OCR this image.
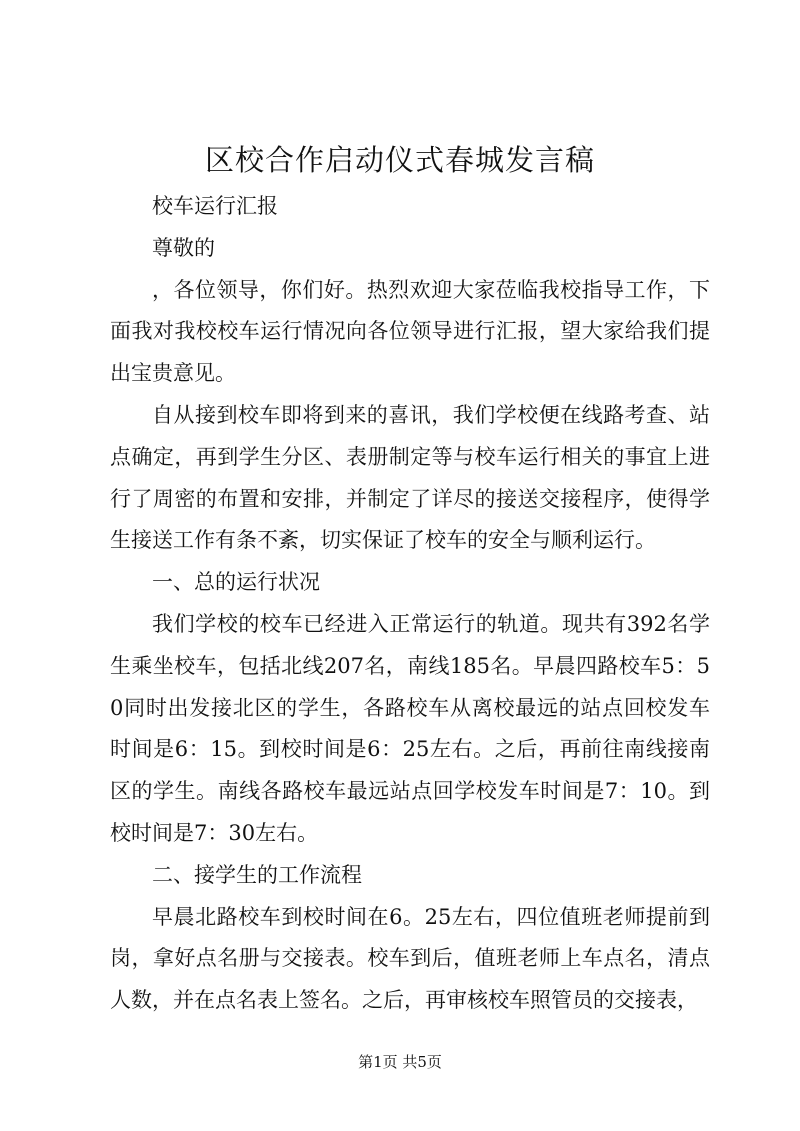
区校合作启动仪式春城发言稿

校车运行汇报

尊敬的

，各位领导，你们好。热烈欢迎大家莅临我校指导工作，下面我对我校校车运行情况向各位领导进行汇报，望大家给我们提出宝贵意见。

自从接到校车即将到来的喜讯，我们学校便在线路考查、站点确定，再到学生分区、表册制定等与校车运行相关的事宜上进行了周密的布置和安排，并制定了详尽的接送交接程序，使得学生接送工作有条不紊，切实保证了校车的安全与顺利运行。

一、总的运行状况

我们学校的校车已经进入正常运行的轨道。现共有392名学生乘坐校车，包括北线207名，南线185名。早晨四路校车5：50同时出发接北区的学生，各路校车从离校最远的站点回校发车时间是6：15。到校时间是6：25左右。之后，再前往南线接南区的学生。南线各路校车最远站点回学校发车时间是7：10。到校时间是7：30左右。

二、接学生的工作流程

早晨北路校车到校时间在6。25左右，四位值班老师提前到岗，拿好点名册与交接表。校车到后，值班老师上车点名，清点人数，并在点名表上签名。之后，再审核校车照管员的交接表，

第1页 共5页
